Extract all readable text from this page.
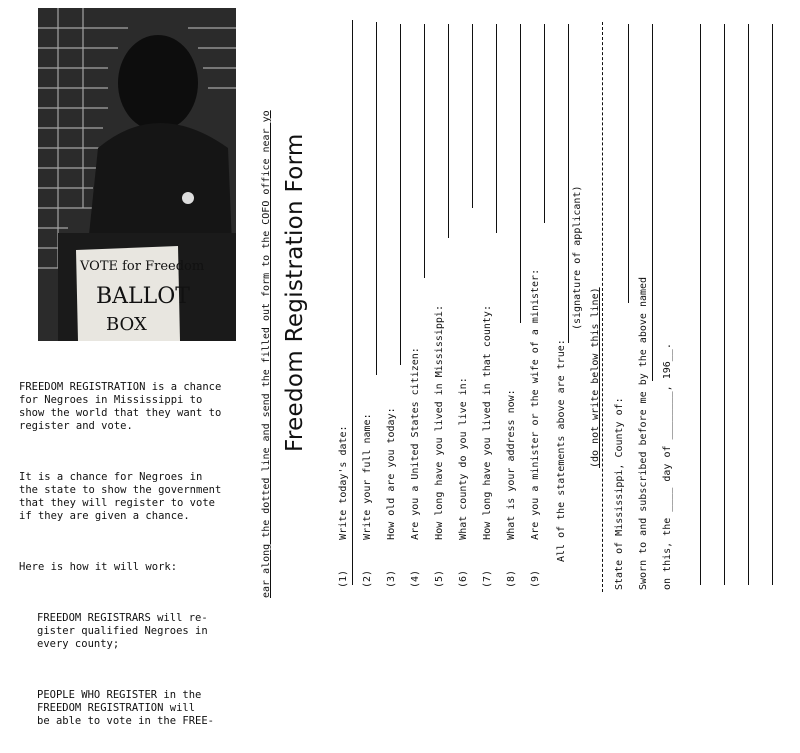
VOTE for Freedom
BALLOT
BOX

FREEDOM REGISTRATION is a chance
for Negroes in Mississippi to
show the world that they want to
register and vote.

It is a chance for Negroes in
the state to show the government
that they will register to vote
if they are given a chance.

Here is how it will work:

FREEDOM REGISTRARS will re-
gister qualified Negroes in
every county;

PEOPLE WHO REGISTER in the
FREEDOM REGISTRATION will
be able to vote in the FREE-

ear along the dotted line and send the filled out form to the COFO office near yo Freedom Registration Form
(1)     Write today's date:
(2)     Write your full name:
(3)     How old are you today:
(4)     Are you a United States citizen:
(5)     How long have you lived in Mississippi:
(6)     What county do you live in:
(7)     How long have you lived in that county:
(8)     What is your address now:
(9)     Are you a minister or the wife of a minister: All of the statements above are true:
(signature of applicant)
(do not write below this line)
State of Mississippi, County of: Sworn to and subscribed before me by the above named on this, the ____ day of ________, 196__.
